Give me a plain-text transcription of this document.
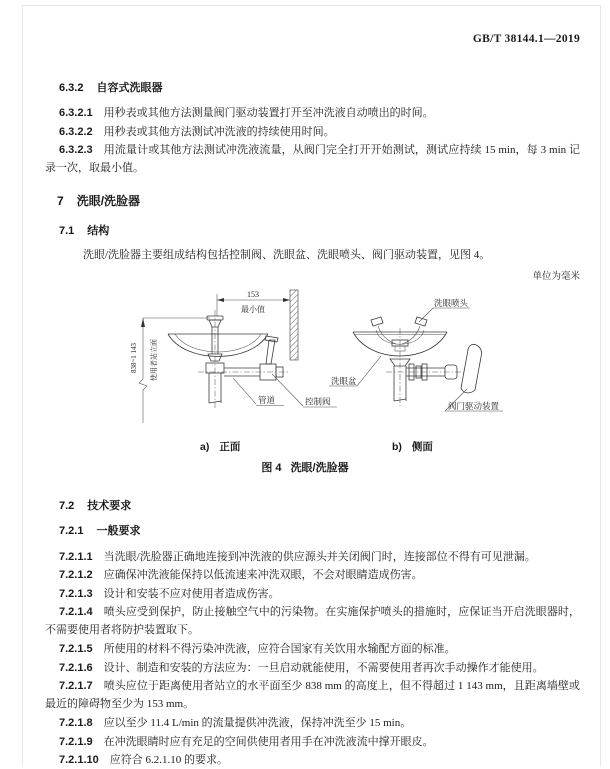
GB/T 38144.1—2019

6.3.2 自容式洗眼器

6.3.2.1 用秒表或其他方法测量阀门驱动装置打开至冲洗液自动喷出的时间。

6.3.2.2 用秒表或其他方法测试冲洗液的持续使用时间。

6.3.2.3 用流量计或其他方法测试冲洗液流量，从阀门完全打开开始测试，测试应持续 15 min，每 3 min 记录一次，取最小值。

7 洗眼/洗脸器

7.1 结构

洗眼/洗脸器主要组成结构包括控制阀、洗眼盆、洗眼喷头、阀门驱动装置，见图 4。

单位为毫米
153
最小值
838~1 143 使用者站立面
管道	控制阀
洗眼喷头
洗眼盆
阀门驱动装置
a) 正面	b) 侧面

图 4 洗眼/洗脸器

7.2 技术要求

7.2.1 一般要求

7.2.1.1 当洗眼/洗脸器正确地连接到冲洗液的供应源头并关闭阀门时，连接部位不得有可见泄漏。

7.2.1.2 应确保冲洗液能保持以低流速来冲洗双眼，不会对眼睛造成伤害。

7.2.1.3 设计和安装不应对使用者造成伤害。

7.2.1.4 喷头应受到保护，防止接触空气中的污染物。在实施保护喷头的措施时，应保证当开启洗眼器时，不需要使用者将防护装置取下。

7.2.1.5 所使用的材料不得污染冲洗液，应符合国家有关饮用水输配方面的标准。

7.2.1.6 设计、制造和安装的方法应为：一旦启动就能使用，不需要使用者再次手动操作才能使用。

7.2.1.7 喷头应位于距离使用者站立的水平面至少 838 mm 的高度上，但不得超过 1 143 mm，且距离墙壁或最近的障碍物至少为 153 mm。

7.2.1.8 应以至少 11.4 L/min 的流量提供冲洗液，保持冲洗至少 15 min。

7.2.1.9 在冲洗眼睛时应有充足的空间供使用者用手在冲洗液流中撑开眼皮。

7.2.1.10 应符合 6.2.1.10 的要求。
